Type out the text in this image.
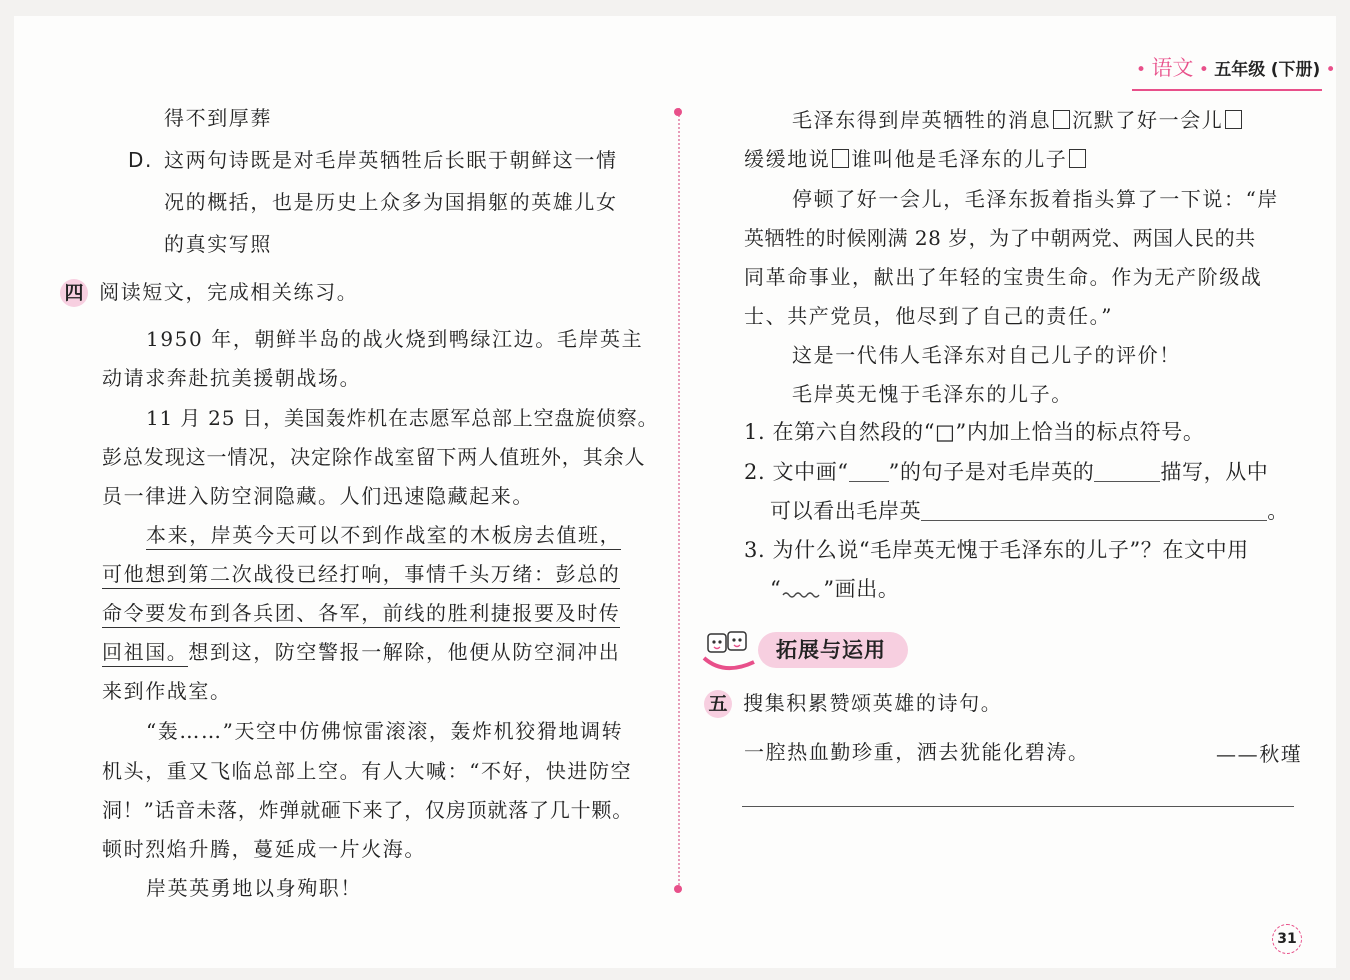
• 语文 • 五年级 (下册) •
得不到厚葬
D. 这两句诗既是对毛岸英牺牲后长眠于朝鲜这一情
况的概括，也是历史上众多为国捐躯的英雄儿女
的真实写照
四 阅读短文，完成相关练习。
1950 年，朝鲜半岛的战火烧到鸭绿江边。毛岸英主
动请求奔赴抗美援朝战场。
11 月 25 日，美国轰炸机在志愿军总部上空盘旋侦察。
彭总发现这一情况，决定除作战室留下两人值班外，其余人
员一律进入防空洞隐藏。人们迅速隐藏起来。
本来，岸英今天可以不到作战室的木板房去值班，
可他想到第二次战役已经打响，事情千头万绪：彭总的
命令要发布到各兵团、各军，前线的胜利捷报要及时传
回祖国。想到这，防空警报一解除，他便从防空洞冲出
来到作战室。
“轰……”天空中仿佛惊雷滚滚，轰炸机狡猾地调转
机头，重又飞临总部上空。有人大喊：“不好，快进防空
洞！”话音未落，炸弹就砸下来了，仅房顶就落了几十颗。
顿时烈焰升腾，蔓延成一片火海。
岸英英勇地以身殉职！
毛泽东得到岸英牺牲的消息 沉默了好一会儿
缓缓地说 谁叫他是毛泽东的儿子
停顿了好一会儿，毛泽东扳着指头算了一下说：“岸
英牺牲的时候刚满 28 岁，为了中朝两党、两国人民的共
同革命事业，献出了年轻的宝贵生命。作为无产阶级战
士、共产党员，他尽到了自己的责任。”
这是一代伟人毛泽东对自己儿子的评价！
毛岸英无愧于毛泽东的儿子。
1. 在第六自然段的“□”内加上恰当的标点符号。
2. 文中画“ ”的句子是对毛岸英的	描写，从中
可以看出毛岸英	。
3. 为什么说“毛岸英无愧于毛泽东的儿子”？在文中用
“ ”画出。
拓展与运用
五 搜集积累赞颂英雄的诗句。
一腔热血勤珍重，洒去犹能化碧涛。	——秋瑾
31
